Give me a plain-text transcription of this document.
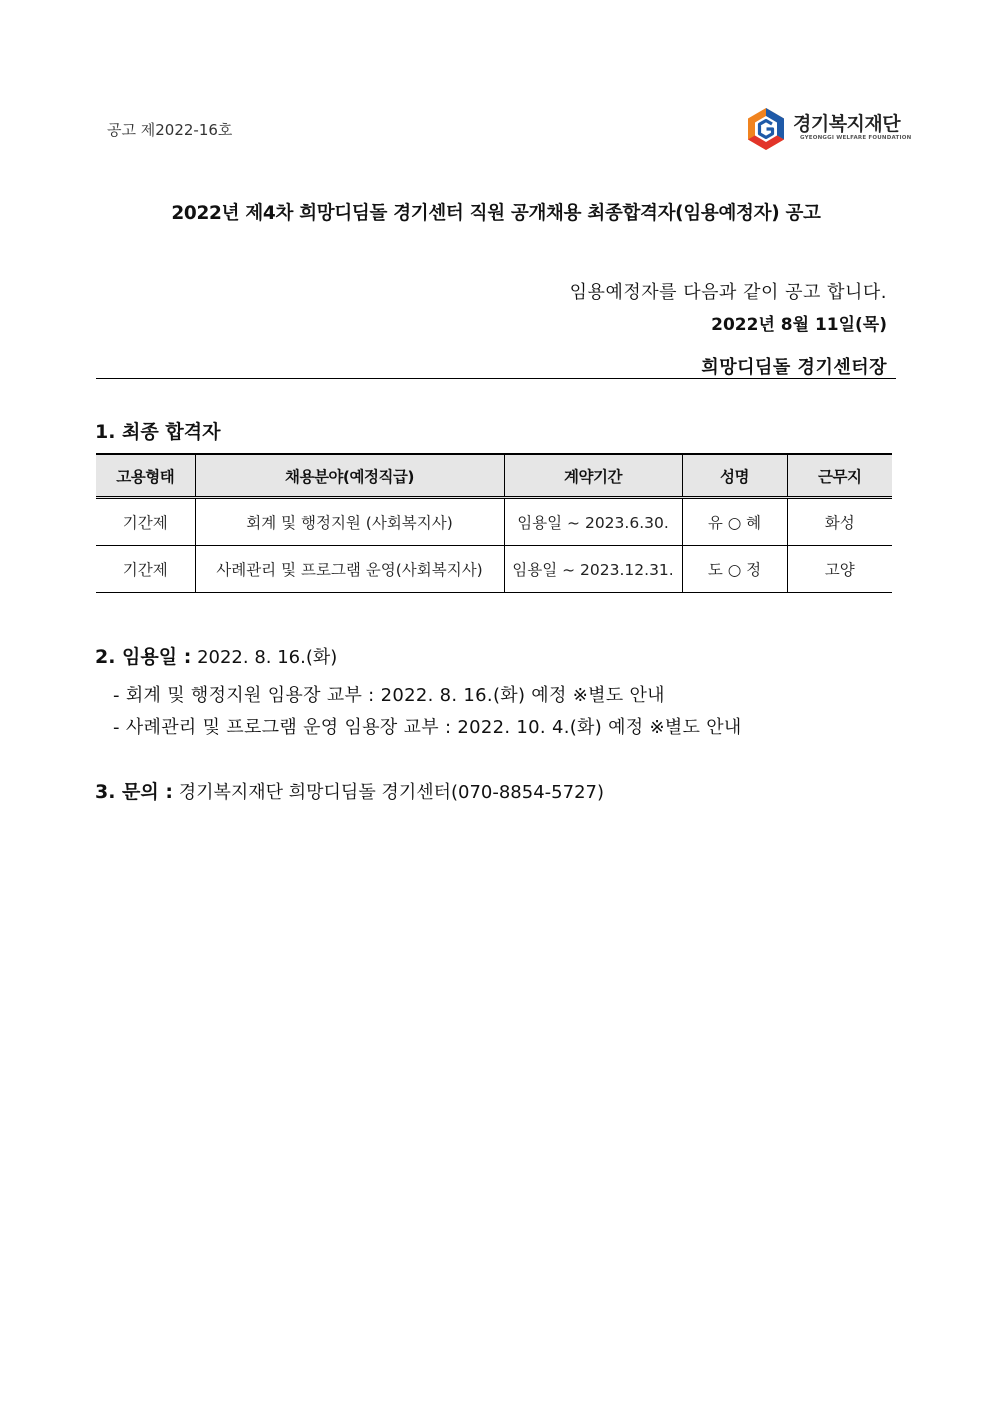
공고 제2022-16호	경기복지재단
GYEONGGI WELFARE FOUNDATION
2022년 제4차 희망디딤돌 경기센터 직원 공개채용 최종합격자(임용예정자) 공고
임용예정자를 다음과 같이 공고 합니다.
2022년 8월 11일(목)
희망디딤돌 경기센터장
1. 최종 합격자
고용형태	채용분야(예정직급)	계약기간	성명	근무지
기간제	회계 및 행정지원 (사회복지사)	임용일 ~ 2023.6.30.	유 ○ 혜	화성
기간제	사례관리 및 프로그램 운영(사회복지사)	임용일 ~ 2023.12.31.	도 ○ 정	고양
2. 임용일 : 2022. 8. 16.(화)
- 회계 및 행정지원 임용장 교부 : 2022. 8. 16.(화) 예정 ※별도 안내
- 사례관리 및 프로그램 운영 임용장 교부 : 2022. 10. 4.(화) 예정 ※별도 안내
3. 문의 : 경기복지재단 희망디딤돌 경기센터(070-8854-5727)
